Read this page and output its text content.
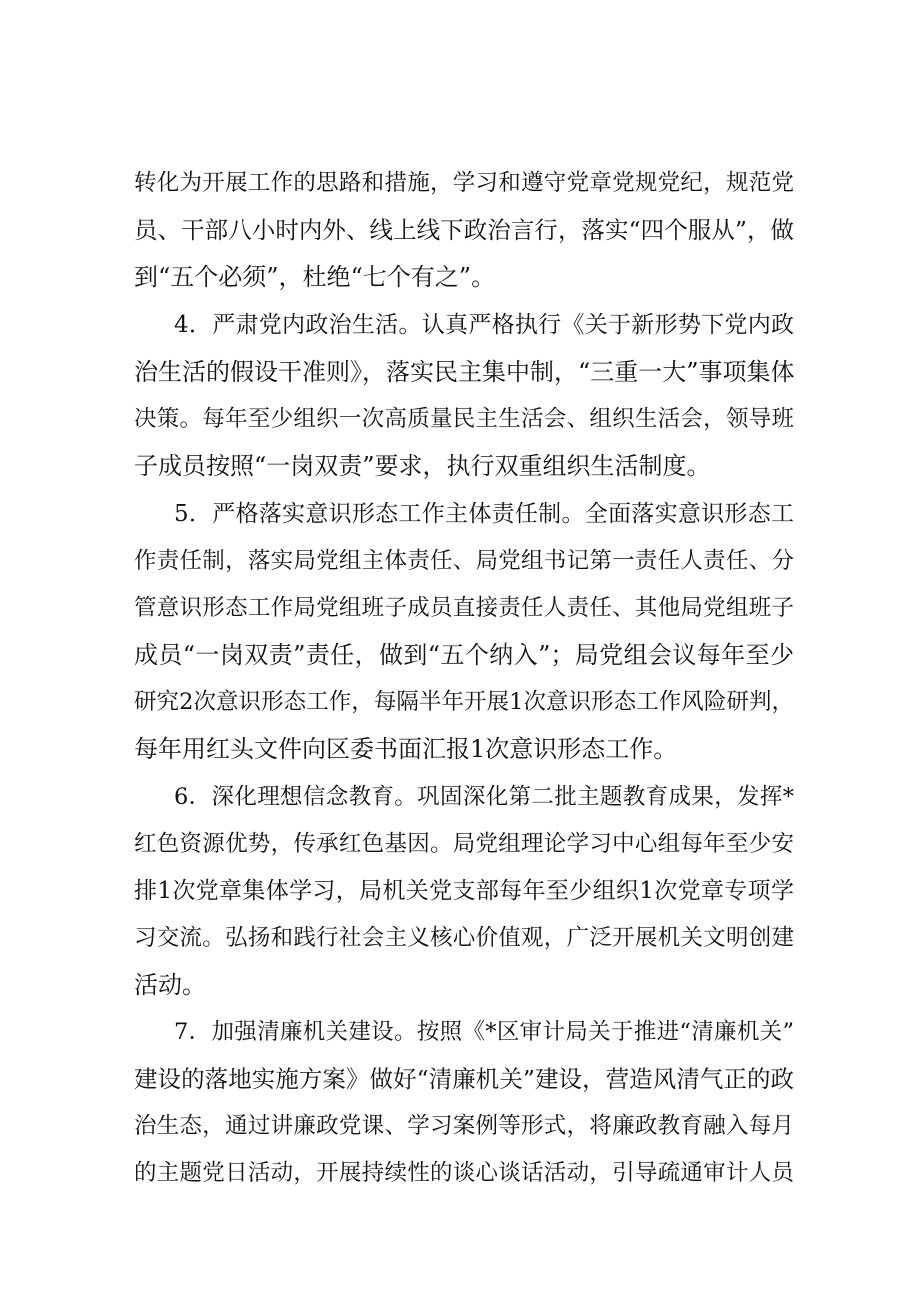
转化为开展工作的思路和措施，学习和遵守党章党规党纪，规范党
员、干部八小时内外、线上线下政治言行，落实“四个服从”，做
到“五个必须”，杜绝“七个有之”。
4．严肃党内政治生活。认真严格执行《关于新形势下党内政
治生活的假设干准则》，落实民主集中制，“三重一大”事项集体
决策。每年至少组织一次高质量民主生活会、组织生活会，领导班
子成员按照“一岗双责”要求，执行双重组织生活制度。
5．严格落实意识形态工作主体责任制。全面落实意识形态工
作责任制，落实局党组主体责任、局党组书记第一责任人责任、分
管意识形态工作局党组班子成员直接责任人责任、其他局党组班子
成员“一岗双责”责任，做到“五个纳入”；局党组会议每年至少
研究2次意识形态工作，每隔半年开展1次意识形态工作风险研判，
每年用红头文件向区委书面汇报1次意识形态工作。
6．深化理想信念教育。巩固深化第二批主题教育成果，发挥*
红色资源优势，传承红色基因。局党组理论学习中心组每年至少安
排1次党章集体学习，局机关党支部每年至少组织1次党章专项学
习交流。弘扬和践行社会主义核心价值观，广泛开展机关文明创建
活动。
7．加强清廉机关建设。按照《*区审计局关于推进“清廉机关”
建设的落地实施方案》做好“清廉机关”建设，营造风清气正的政
治生态，通过讲廉政党课、学习案例等形式，将廉政教育融入每月
的主题党日活动，开展持续性的谈心谈话活动，引导疏通审计人员
